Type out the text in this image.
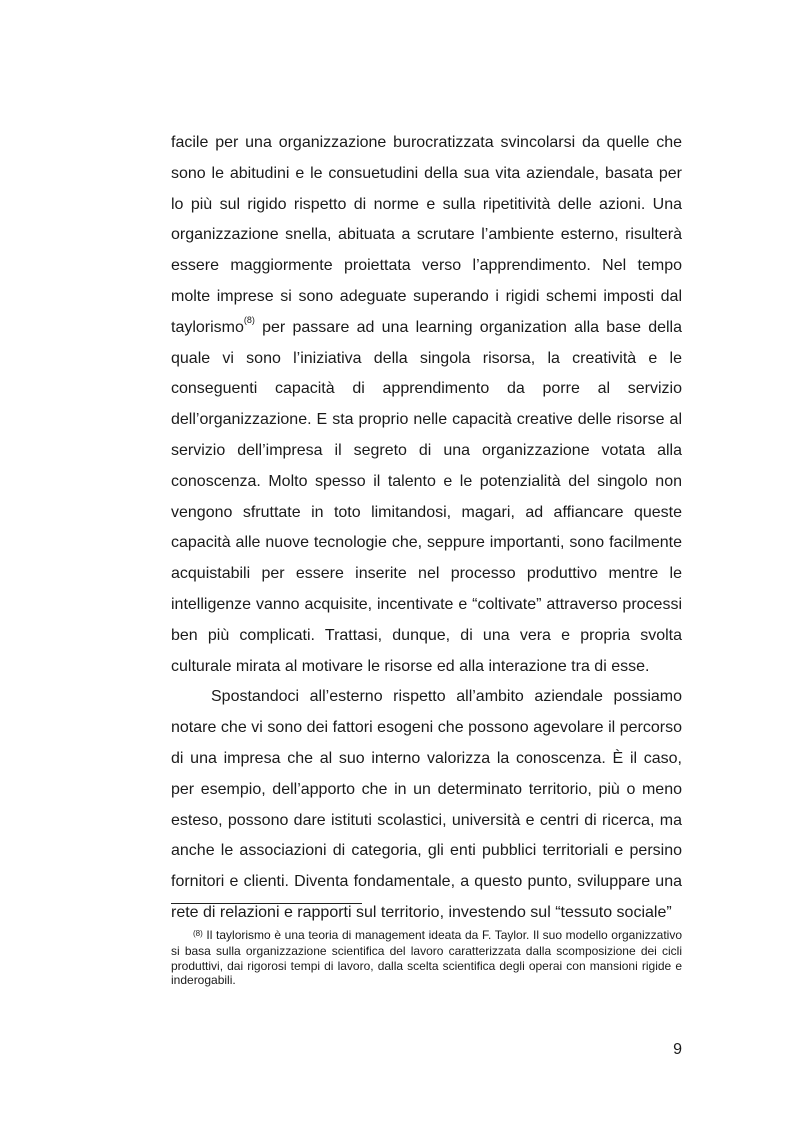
facile per una organizzazione burocratizzata svincolarsi da quelle che sono le abitudini e le consuetudini della sua vita aziendale, basata per lo più sul rigido rispetto di norme e sulla ripetitività delle azioni. Una organizzazione snella, abituata a scrutare l’ambiente esterno, risulterà essere maggiormente proiettata verso l’apprendimento. Nel tempo molte imprese si sono adeguate superando i rigidi schemi imposti dal taylorismo$^{(8)}$ per passare ad una learning organization alla base della quale vi sono l’iniziativa della singola risorsa, la creatività e le conseguenti capacità di apprendimento da porre al servizio dell’organizzazione. E sta proprio nelle capacità creative delle risorse al servizio dell’impresa il segreto di una organizzazione votata alla conoscenza. Molto spesso il talento e le potenzialità del singolo non vengono sfruttate in toto limitandosi, magari, ad affiancare queste capacità alle nuove tecnologie che, seppure importanti, sono facilmente acquistabili per essere inserite nel processo produttivo mentre le intelligenze vanno acquisite, incentivate e “coltivate” attraverso processi ben più complicati. Trattasi, dunque, di una vera e propria svolta culturale mirata al motivare le risorse ed alla interazione tra di esse.

Spostandoci all’esterno rispetto all’ambito aziendale possiamo notare che vi sono dei fattori esogeni che possono agevolare il percorso di una impresa che al suo interno valorizza la conoscenza. È il caso, per esempio, dell’apporto che in un determinato territorio, più o meno esteso, possono dare istituti scolastici, università e centri di ricerca, ma anche le associazioni di categoria, gli enti pubblici territoriali e persino fornitori e clienti. Diventa fondamentale, a questo punto, sviluppare una rete di relazioni e rapporti sul territorio, investendo sul “tessuto sociale”

$^{(8)}$ Il taylorismo è una teoria di management ideata da F. Taylor. Il suo modello organizzativo si basa sulla organizzazione scientifica del lavoro caratterizzata dalla scomposizione dei cicli produttivi, dai rigorosi tempi di lavoro, dalla scelta scientifica degli operai con mansioni rigide e inderogabili.

9
